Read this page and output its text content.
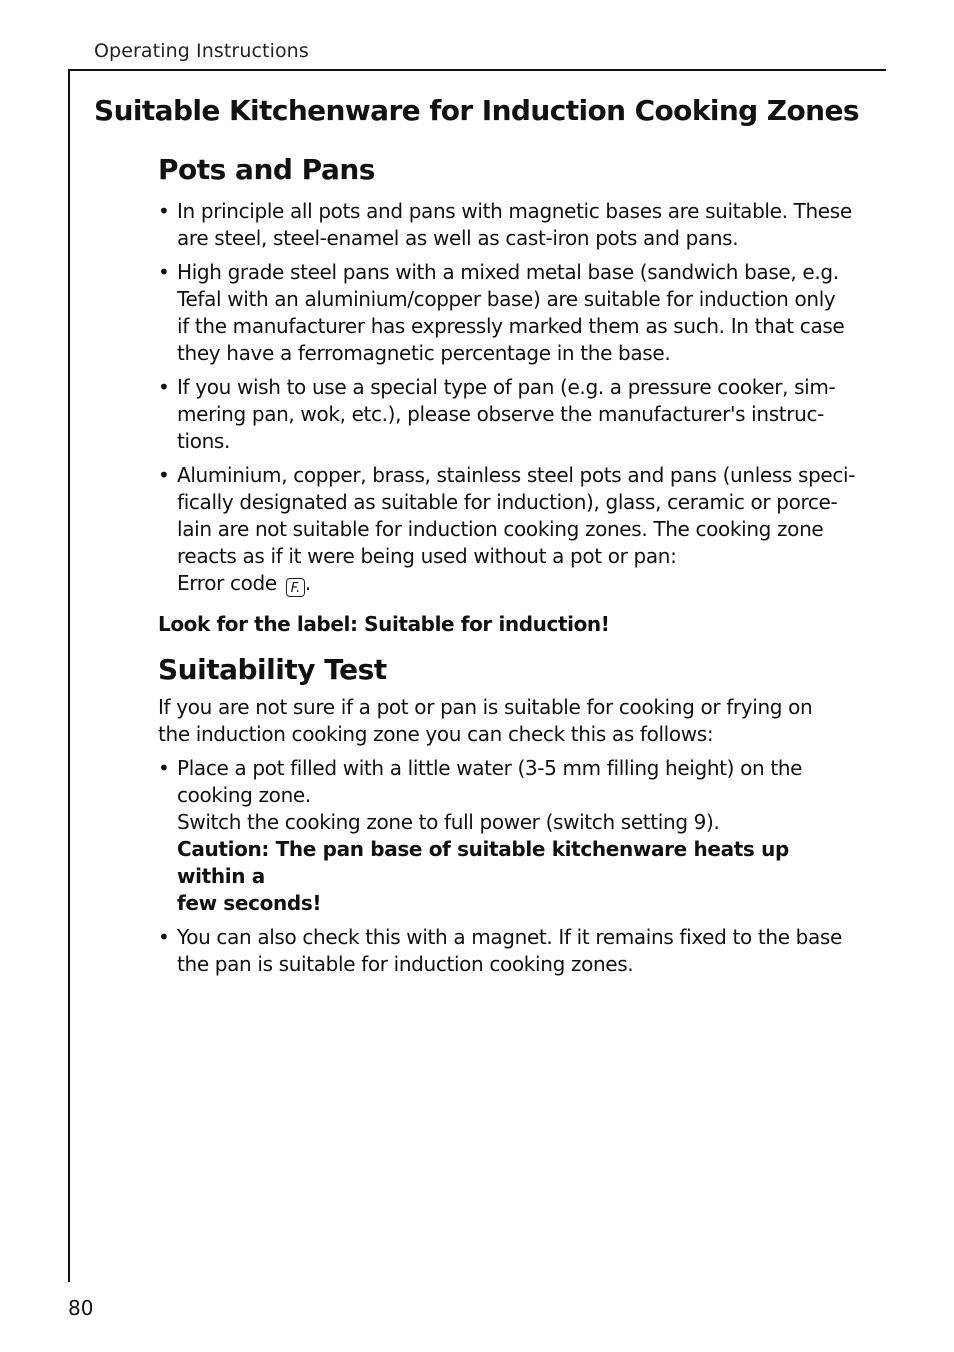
Operating Instructions
Suitable Kitchenware for Induction Cooking Zones
Pots and Pans
• In principle all pots and pans with magnetic bases are suitable. These
are steel, steel-enamel as well as cast-iron pots and pans.
• High grade steel pans with a mixed metal base (sandwich base, e.g.
Tefal with an aluminium/copper base) are suitable for induction only
if the manufacturer has expressly marked them as such. In that case
they have a ferromagnetic percentage in the base.
• If you wish to use a special type of pan (e.g. a pressure cooker, sim-
mering pan, wok, etc.), please observe the manufacturer's instruc-
tions.
• Aluminium, copper, brass, stainless steel pots and pans (unless speci-
fically designated as suitable for induction), glass, ceramic or porce-
lain are not suitable for induction cooking zones. The cooking zone
reacts as if it were being used without a pot or pan:
Error code F. .
Look for the label: Suitable for induction!
Suitability Test
If you are not sure if a pot or pan is suitable for cooking or frying on
the induction cooking zone you can check this as follows:
• Place a pot filled with a little water (3-5 mm filling height) on the
cooking zone.
Switch the cooking zone to full power (switch setting 9).
Caution: The pan base of suitable kitchenware heats up within a
few seconds!
• You can also check this with a magnet. If it remains fixed to the base
the pan is suitable for induction cooking zones.
80
